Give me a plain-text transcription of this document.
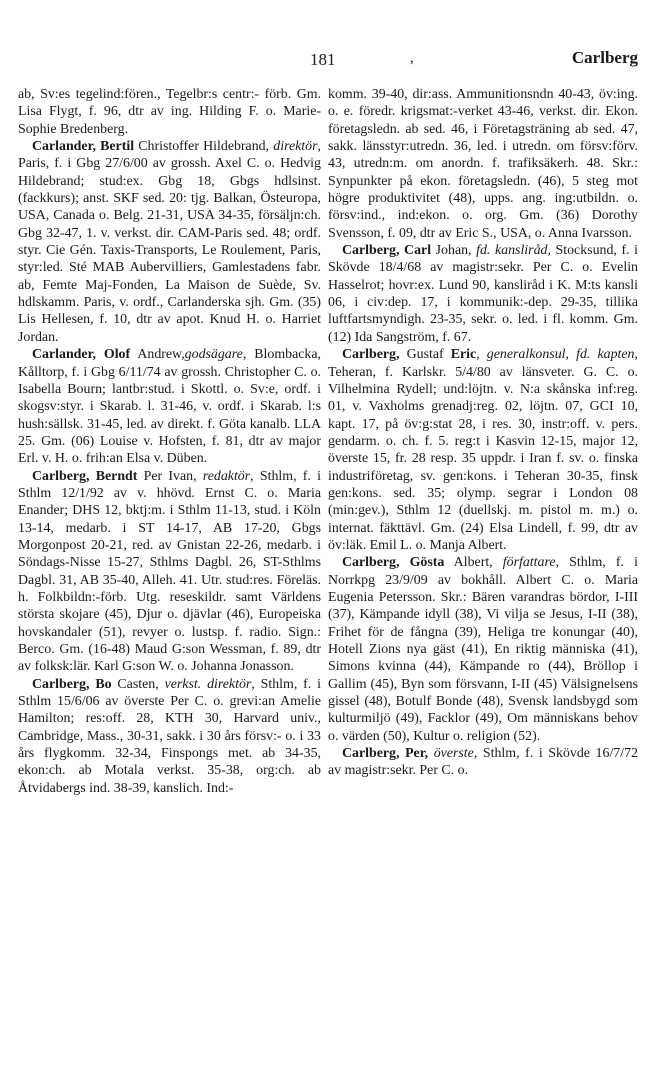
181	,	Carlberg

ab, Sv:es tegelind:fören., Tegelbr:s centr:- förb. Gm. Lisa Flygt, f. 96, dtr av ing. Hilding F. o. Marie-Sophie Bredenberg.

Carlander, Bertil Christoffer Hildebrand, direktör, Paris, f. i Gbg 27/6/00 av grossh. Axel C. o. Hedvig Hildebrand; stud:ex. Gbg 18, Gbgs hdlsinst. (fackkurs); anst. SKF sed. 20: tjg. Balkan, Östeuropa, USA, Canada o. Belg. 21-31, USA 34-35, försäljn:ch. Gbg 32-47, 1. v. verkst. dir. CAM-Paris sed. 48; ordf. styr. Cie Gén. Taxis-Transports, Le Roulement, Paris, styr:led. Sté MAB Aubervilliers, Gamlestadens fabr. ab, Femte Maj-Fonden, La Maison de Suède, Sv. hdlskamm. Paris, v. ordf., Carlanderska sjh. Gm. (35) Lis Hellesen, f. 10, dtr av apot. Knud H. o. Harriet Jordan.

Carlander, Olof Andrew,godsägare, Blombacka, Kålltorp, f. i Gbg 6/11/74 av grossh. Christopher C. o. Isabella Bourn; lantbr:stud. i Skottl. o. Sv:e, ordf. i skogsv:styr. i Skarab. l. 31-46, v. ordf. i Skarab. l:s hush:sällsk. 31-45, led. av direkt. f. Göta kanalb. LLA 25. Gm. (06) Louise v. Hofsten, f. 81, dtr av major Erl. v. H. o. frih:an Elsa v. Düben.

Carlberg, Berndt Per Ivan, redaktör, Sthlm, f. i Sthlm 12/1/92 av v. hhövd. Ernst C. o. Maria Enander; DHS 12, bktj:m. i Sthlm 11-13, stud. i Köln 13-14, medarb. i ST 14-17, AB 17-20, Gbgs Morgonpost 20-21, red. av Gnistan 22-26, medarb. i Söndags-Nisse 15-27, Sthlms Dagbl. 26, ST-Sthlms Dagbl. 31, AB 35-40, Alleh. 41. Utr. stud:res. Föreläs. h. Folkbildn:-förb. Utg. reseskildr. samt Världens största skojare (45), Djur o. djävlar (46), Europeiska hovskandaler (51), revyer o. lustsp. f. radio. Sign.: Berco. Gm. (16-48) Maud G:son Wessman, f. 89, dtr av folksk:lär. Karl G:son W. o. Johanna Jonasson.

Carlberg, Bo Casten, verkst. direktör, Sthlm, f. i Sthlm 15/6/06 av överste Per C. o. grevi:an Amelie Hamilton; res:off. 28, KTH 30, Harvard univ., Cambridge, Mass., 30-31, sakk. i 30 års försv:- o. i 33 års flygkomm. 32-34, Finspongs met. ab 34-35, ekon:ch. ab Motala verkst. 35-38, org:ch. ab Åtvidabergs ind. 38-39, kanslich. Ind:-

komm. 39-40, dir:ass. Ammunitionsndn 40-43, öv:ing. o. e. föredr. krigsmat:-verket 43-46, verkst. dir. Ekon. företagsledn. ab sed. 46, i Företagsträning ab sed. 47, sakk. länsstyr:utredn. 36, led. i utredn. om försv:förv. 43, utredn:m. om anordn. f. trafiksäkerh. 48. Skr.: Synpunkter på ekon. företagsledn. (46), 5 steg mot högre produktivitet (48), upps. ang. ing:utbildn. o. försv:ind., ind:ekon. o. org. Gm. (36) Dorothy Svensson, f. 09, dtr av Eric S., USA, o. Anna Ivarsson.

Carlberg, Carl Johan, fd. kansliråd, Stocksund, f. i Skövde 18/4/68 av magistr:sekr. Per C. o. Evelin Hasselrot; hovr:ex. Lund 90, kansliråd i K. M:ts kansli 06, i civ:dep. 17, i kommunik:-dep. 29-35, tillika luftfartsmyndigh. 23-35, sekr. o. led. i fl. komm. Gm. (12) Ida Sangström, f. 67.

Carlberg, Gustaf Eric, generalkonsul, fd. kapten, Teheran, f. Karlskr. 5/4/80 av länsveter. G. C. o. Vilhelmina Rydell; und:löjtn. v. N:a skånska inf:reg. 01, v. Vaxholms grenadj:reg. 02, löjtn. 07, GCI 10, kapt. 17, på öv:g:stat 28, i res. 30, instr:off. v. pers. gendarm. o. ch. f. 5. reg:t i Kasvin 12-15, major 12, överste 15, fr. 28 resp. 35 uppdr. i Iran f. sv. o. finska industriföretag, sv. gen:kons. i Teheran 30-35, finsk gen:kons. sed. 35; olymp. segrar i London 08 (min:gev.), Sthlm 12 (duellskj. m. pistol m. m.) o. internat. fäkttävl. Gm. (24) Elsa Lindell, f. 99, dtr av öv:läk. Emil L. o. Manja Albert.

Carlberg, Gösta Albert, författare, Sthlm, f. i Norrkpg 23/9/09 av bokhåll. Albert C. o. Maria Eugenia Petersson. Skr.: Bären varandras bördor, I-III (37), Kämpande idyll (38), Vi vilja se Jesus, I-II (38), Frihet för de fångna (39), Heliga tre konungar (40), Hotell Zions nya gäst (41), En riktig människa (41), Simons kvinna (44), Kämpande ro (44), Bröllop i Gallim (45), Byn som försvann, I-II (45) Välsignelsens gissel (48), Botulf Bonde (48), Svensk landsbygd som kulturmiljö (49), Facklor (49), Om människans behov o. värden (50), Kultur o. religion (52).

Carlberg, Per, överste, Sthlm, f. i Skövde 16/7/72 av magistr:sekr. Per C. o.
